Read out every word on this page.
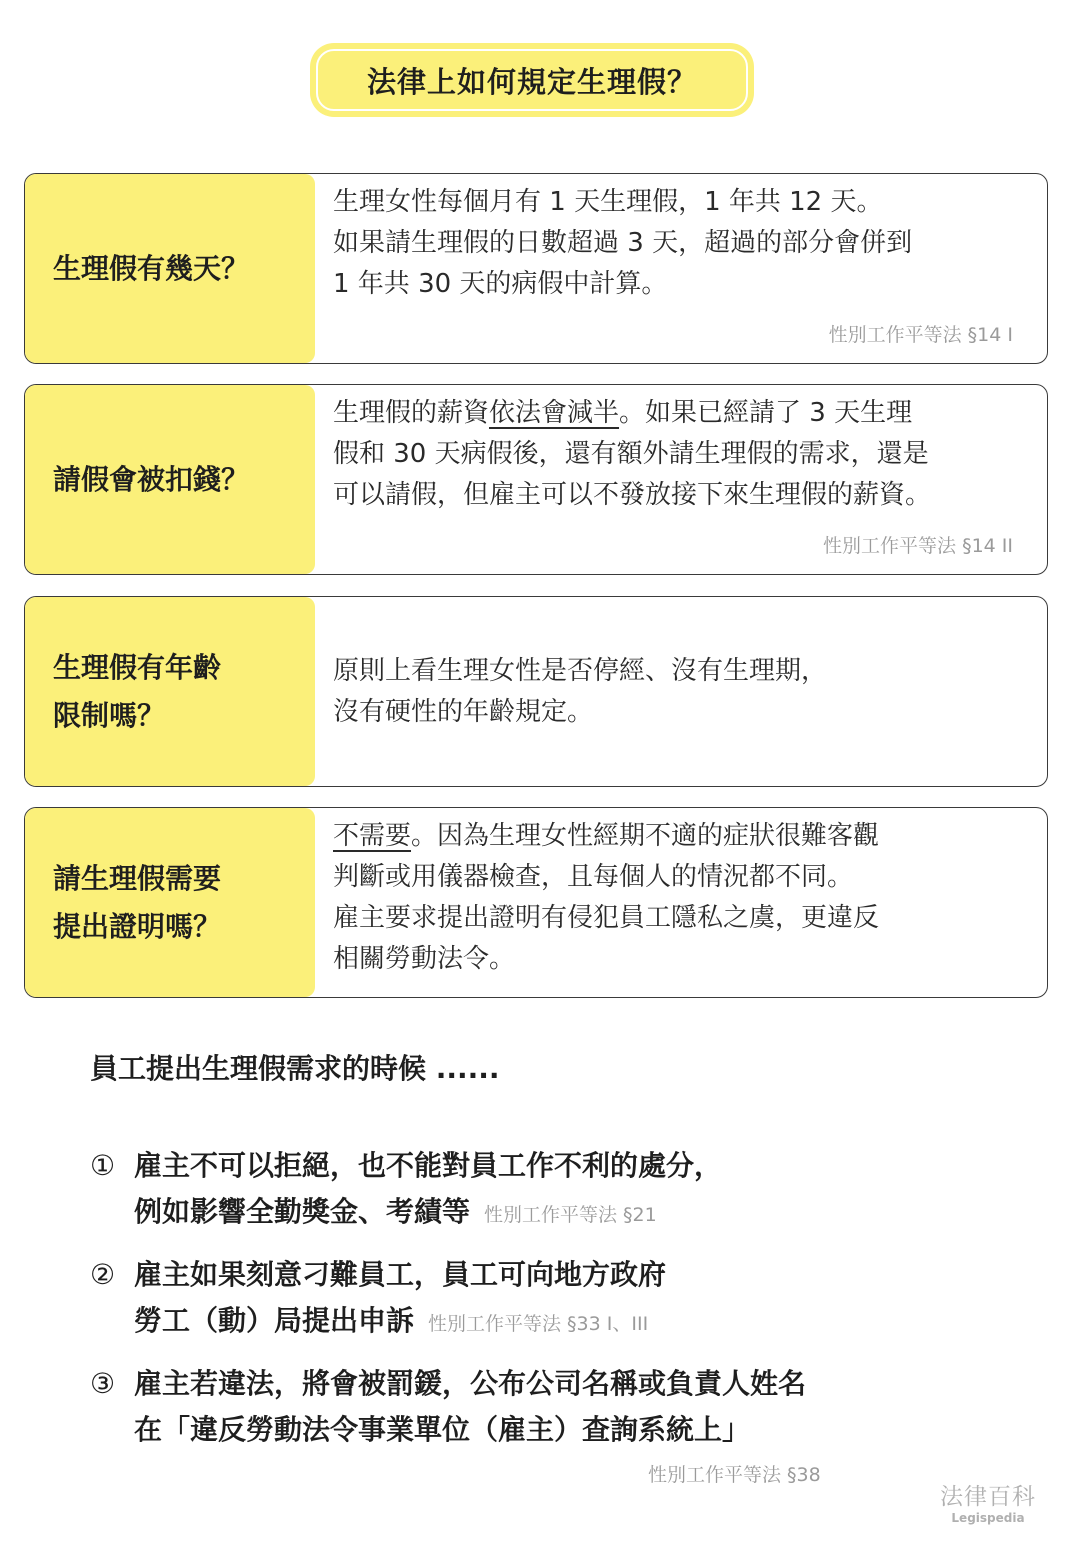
法律上如何規定生理假？
生理假有幾天？
生理女性每個月有 1 天生理假，1 年共 12 天。
如果請生理假的日數超過 3 天，超過的部分會併到
1 年共 30 天的病假中計算。
性別工作平等法 §14 I
請假會被扣錢？
生理假的薪資依法會減半。如果已經請了 3 天生理
假和 30 天病假後，還有額外請生理假的需求，還是
可以請假，但雇主可以不發放接下來生理假的薪資。
性別工作平等法 §14 II
生理假有年齡
限制嗎？
原則上看生理女性是否停經、沒有生理期，
沒有硬性的年齡規定。
請生理假需要
提出證明嗎？
不需要。因為生理女性經期不適的症狀很難客觀
判斷或用儀器檢查，且每個人的情況都不同。
雇主要求提出證明有侵犯員工隱私之虞，更違反
相關勞動法令。
員工提出生理假需求的時候 ......
① 雇主不可以拒絕，也不能對員工作不利的處分，
例如影響全勤獎金、考績等 性別工作平等法 §21
② 雇主如果刻意刁難員工，員工可向地方政府
勞工（動）局提出申訴 性別工作平等法 §33 I、III
③ 雇主若違法，將會被罰鍰，公布公司名稱或負責人姓名
在「違反勞動法令事業單位（雇主）查詢系統上」
性別工作平等法 §38
法律百科
Legispedia
